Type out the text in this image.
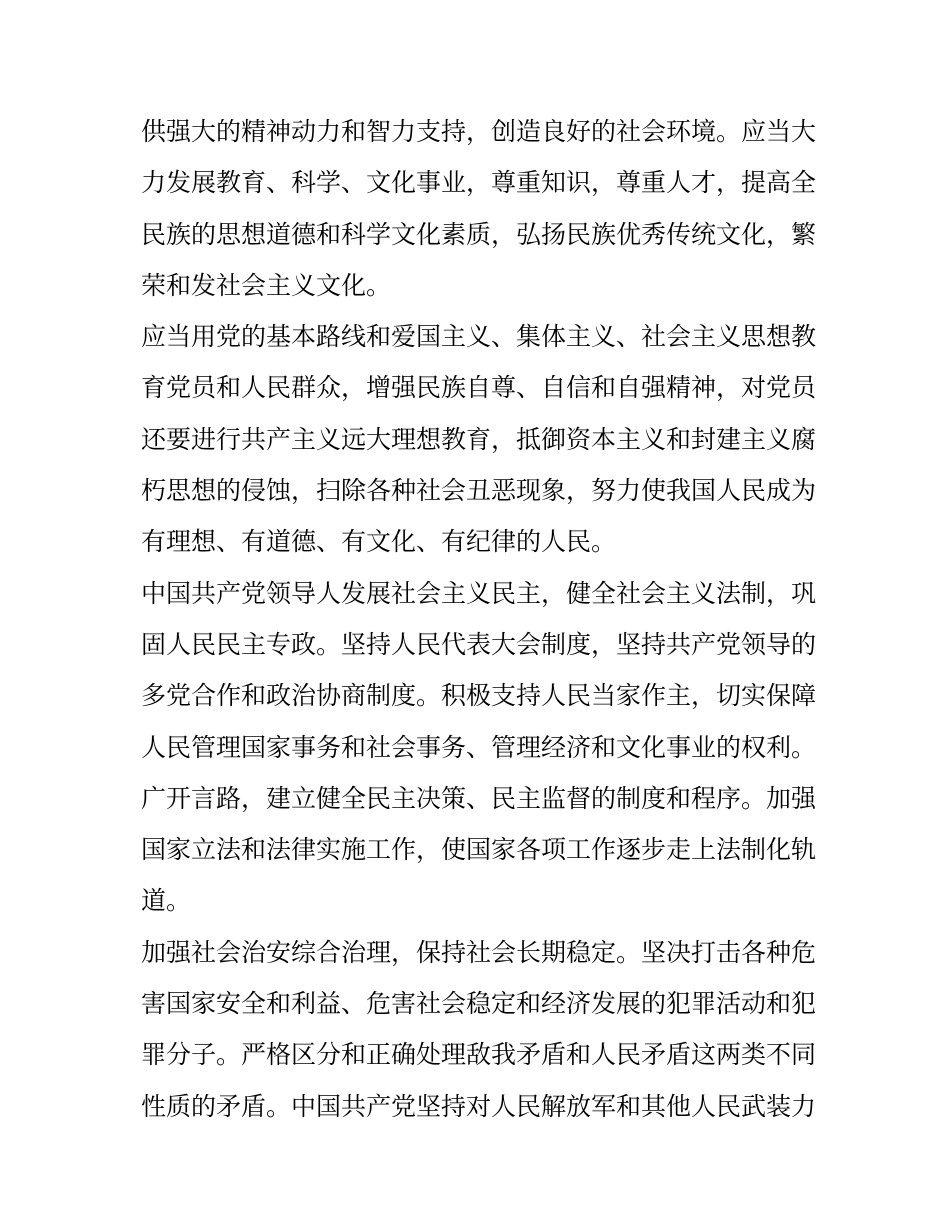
供强大的精神动力和智力支持，创造良好的社会环境。应当大
力发展教育、科学、文化事业，尊重知识，尊重人才，提高全
民族的思想道德和科学文化素质，弘扬民族优秀传统文化，繁
荣和发社会主义文化。
应当用党的基本路线和爱国主义、集体主义、社会主义思想教
育党员和人民群众，增强民族自尊、自信和自强精神，对党员
还要进行共产主义远大理想教育，抵御资本主义和封建主义腐
朽思想的侵蚀，扫除各种社会丑恶现象，努力使我国人民成为
有理想、有道德、有文化、有纪律的人民。
中国共产党领导人发展社会主义民主，健全社会主义法制，巩
固人民民主专政。坚持人民代表大会制度，坚持共产党领导的
多党合作和政治协商制度。积极支持人民当家作主，切实保障
人民管理国家事务和社会事务、管理经济和文化事业的权利。
广开言路，建立健全民主决策、民主监督的制度和程序。加强
国家立法和法律实施工作，使国家各项工作逐步走上法制化轨
道。
加强社会治安综合治理，保持社会长期稳定。坚决打击各种危
害国家安全和利益、危害社会稳定和经济发展的犯罪活动和犯
罪分子。严格区分和正确处理敌我矛盾和人民矛盾这两类不同
性质的矛盾。中国共产党坚持对人民解放军和其他人民武装力
